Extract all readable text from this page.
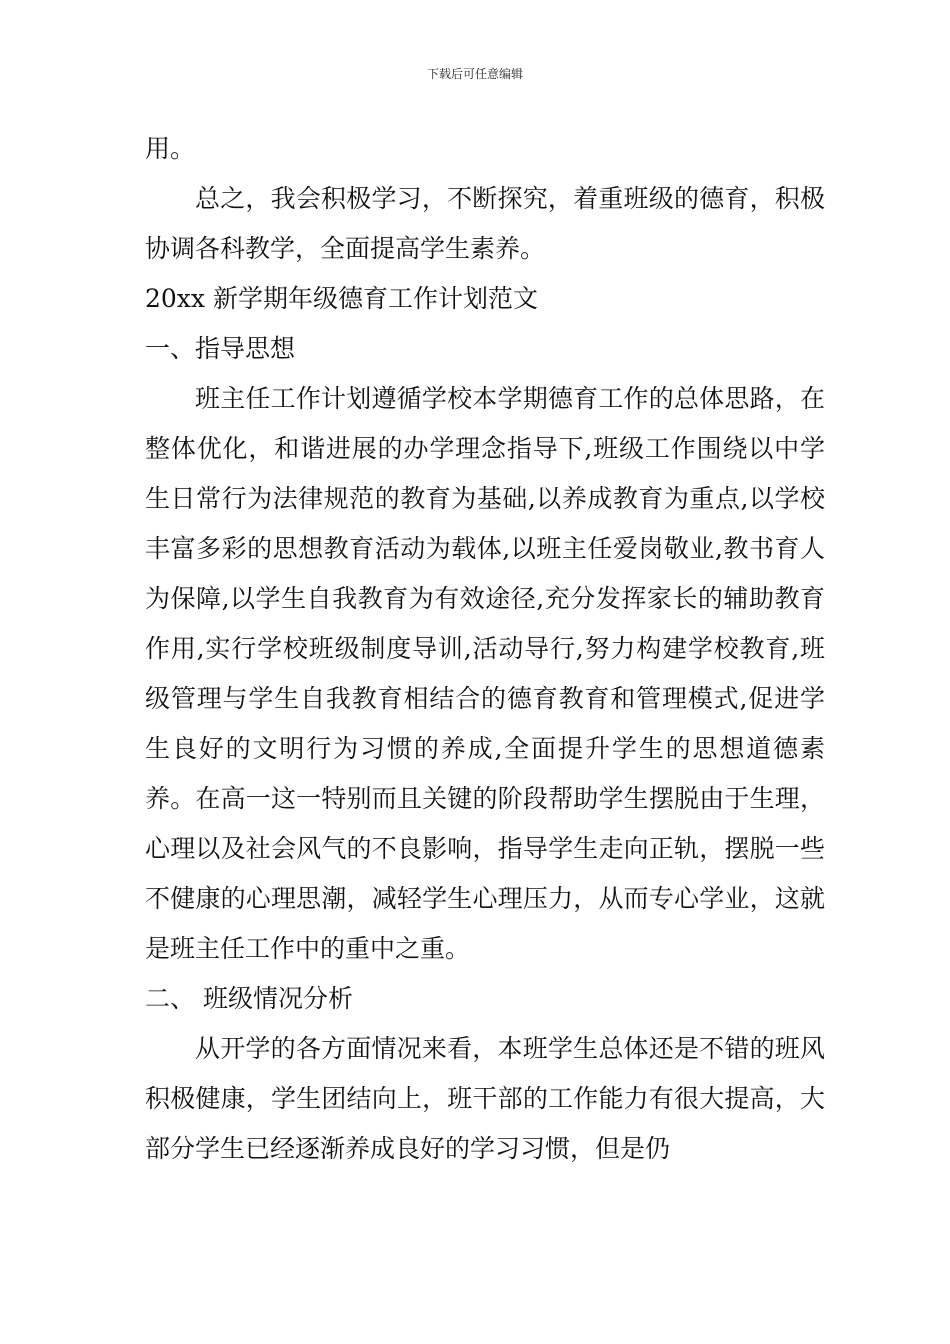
下载后可任意编辑

用。

总之，我会积极学习，不断探究，着重班级的德育，积极协调各科教学，全面提高学生素养。

20xx 新学期年级德育工作计划范文

一、指导思想

班主任工作计划遵循学校本学期德育工作的总体思路，在整体优化，和谐进展的办学理念指导下,班级工作围绕以中学生日常行为法律规范的教育为基础,以养成教育为重点,以学校丰富多彩的思想教育活动为载体,以班主任爱岗敬业,教书育人为保障,以学生自我教育为有效途径,充分发挥家长的辅助教育作用,实行学校班级制度导训,活动导行,努力构建学校教育,班级管理与学生自我教育相结合的德育教育和管理模式,促进学生良好的文明行为习惯的养成,全面提升学生的思想道德素养。在高一这一特别而且关键的阶段帮助学生摆脱由于生理，心理以及社会风气的不良影响，指导学生走向正轨，摆脱一些不健康的心理思潮，减轻学生心理压力，从而专心学业，这就是班主任工作中的重中之重。

二、 班级情况分析

从开学的各方面情况来看，本班学生总体还是不错的班风积极健康，学生团结向上，班干部的工作能力有很大提高，大部分学生已经逐渐养成良好的学习习惯，但是仍
